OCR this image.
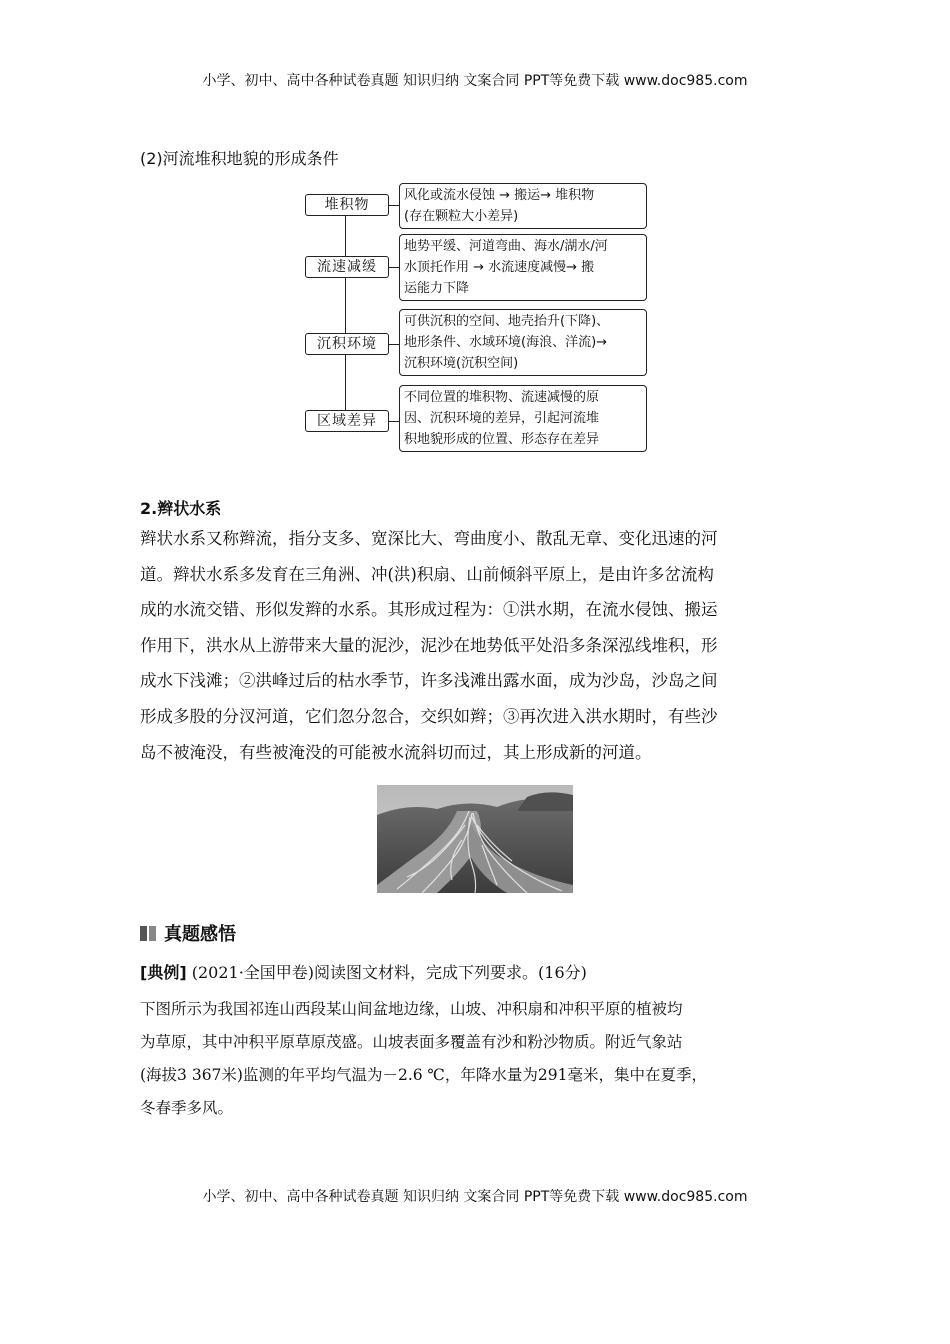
小学、初中、高中各种试卷真题 知识归纳 文案合同 PPT等免费下载 www.doc985.com
(2)河流堆积地貌的形成条件
堆积物
风化或流水侵蚀 → 搬运→ 堆积物
(存在颗粒大小差异)
流速减缓
地势平缓、河道弯曲、海水/湖水/河
水顶托作用 → 水流速度减慢→ 搬
运能力下降
沉积环境
可供沉积的空间、地壳抬升(下降)、
地形条件、水域环境(海浪、洋流)→
沉积环境(沉积空间)
区域差异
不同位置的堆积物、流速减慢的原
因、沉积环境的差异，引起河流堆
积地貌形成的位置、形态存在差异
2.辫状水系
辫状水系又称辫流，指分支多、宽深比大、弯曲度小、散乱无章、变化迅速的河
道。辫状水系多发育在三角洲、冲(洪)积扇、山前倾斜平原上，是由许多岔流构
成的水流交错、形似发辫的水系。其形成过程为：①洪水期，在流水侵蚀、搬运
作用下，洪水从上游带来大量的泥沙，泥沙在地势低平处沿多条深泓线堆积，形
成水下浅滩；②洪峰过后的枯水季节，许多浅滩出露水面，成为沙岛，沙岛之间
形成多股的分汊河道，它们忽分忽合，交织如辫；③再次进入洪水期时，有些沙
岛不被淹没，有些被淹没的可能被水流斜切而过，其上形成新的河道。
真题感悟
[典例] (2021·全国甲卷)阅读图文材料，完成下列要求。(16分)
下图所示为我国祁连山西段某山间盆地边缘，山坡、冲积扇和冲积平原的植被均
为草原，其中冲积平原草原茂盛。山坡表面多覆盖有沙和粉沙物质。附近气象站
(海拔3 367米)监测的年平均气温为－2.6 ℃，年降水量为291毫米，集中在夏季，
冬春季多风。
小学、初中、高中各种试卷真题 知识归纳 文案合同 PPT等免费下载 www.doc985.com
